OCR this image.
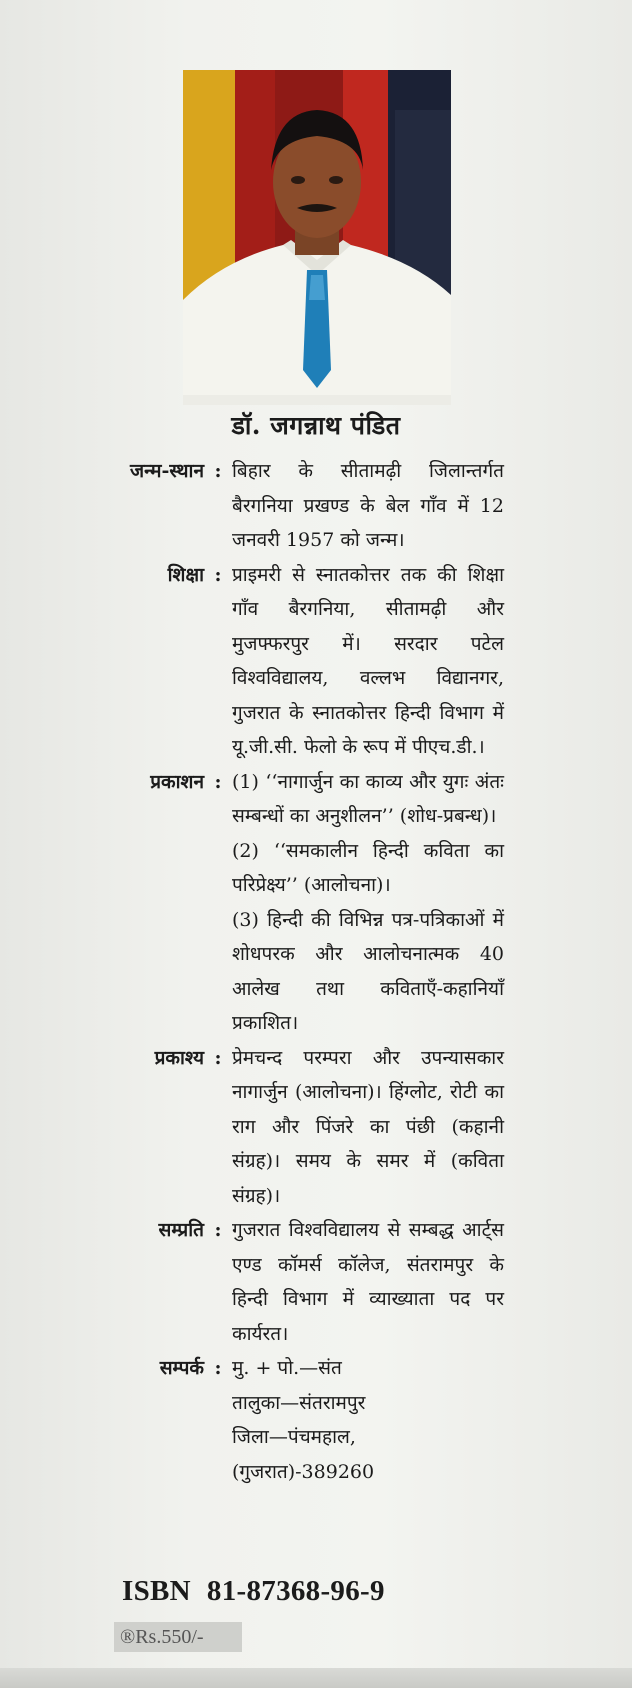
डॉ. जगन्नाथ पंडित
जन्म-स्थान : बिहार के सीतामढ़ी जिलान्तर्गत बैरगनिया प्रखण्ड के बेल गाँव में 12 जनवरी 1957 को जन्म।

शिक्षा : प्राइमरी से स्नातकोत्तर तक की शिक्षा गाँव बैरगनिया, सीतामढ़ी और मुजफ्फरपुर में। सरदार पटेल विश्वविद्यालय, वल्लभ विद्यानगर, गुजरात के स्नातकोत्तर हिन्दी विभाग में यू.जी.सी. फेलो के रूप में पीएच.डी.।

प्रकाशन : (1) ‘‘नागार्जुन का काव्य और युगः अंतः सम्बन्धों का अनुशीलन’’ (शोध-प्रबन्ध)।

(2) ‘‘समकालीन हिन्दी कविता का परिप्रेक्ष्य’’ (आलोचना)।

(3) हिन्दी की विभिन्न पत्र-पत्रिकाओं में शोधपरक और आलोचनात्मक 40 आलेख तथा कविताएँ-कहानियाँ प्रकाशित।

प्रकाश्य : प्रेमचन्द परम्परा और उपन्यासकार नागार्जुन (आलोचना)। हिंग्लोट, रोटी का राग और पिंजरे का पंछी (कहानी संग्रह)। समय के समर में (कविता संग्रह)।

सम्प्रति : गुजरात विश्वविद्यालय से सम्बद्ध आर्ट्स एण्ड कॉमर्स कॉलेज, संतरामपुर के हिन्दी विभाग में व्याख्याता पद पर कार्यरत।

सम्पर्क : मु. + पो.—संत

तालुका—संतरामपुर

जिला—पंचमहाल,

(गुजरात)-389260

ISBN 81-87368-96-9
®Rs.550/-
